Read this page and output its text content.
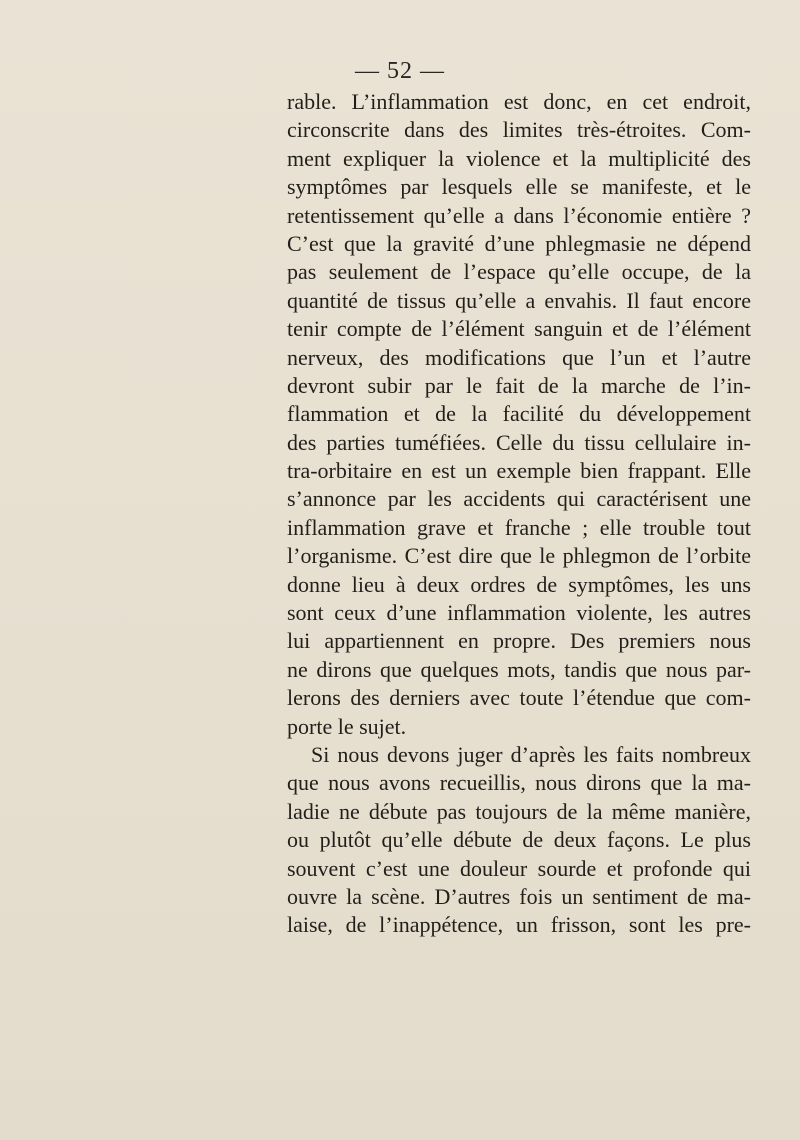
— 52 —
rable. L’inflammation est donc, en cet endroit,
circonscrite dans des limites très-étroites. Com-
ment expliquer la violence et la multiplicité des
symptômes par lesquels elle se manifeste, et le
retentissement qu’elle a dans l’économie entière ?
C’est que la gravité d’une phlegmasie ne dépend
pas seulement de l’espace qu’elle occupe, de la
quantité de tissus qu’elle a envahis. Il faut encore
tenir compte de l’élément sanguin et de l’élément
nerveux, des modifications que l’un et l’autre
devront subir par le fait de la marche de l’in-
flammation et de la facilité du développement
des parties tuméfiées. Celle du tissu cellulaire in-
tra-orbitaire en est un exemple bien frappant. Elle
s’annonce par les accidents qui caractérisent une
inflammation grave et franche ; elle trouble tout
l’organisme. C’est dire que le phlegmon de l’orbite
donne lieu à deux ordres de symptômes, les uns
sont ceux d’une inflammation violente, les autres
lui appartiennent en propre. Des premiers nous
ne dirons que quelques mots, tandis que nous par-
lerons des derniers avec toute l’étendue que com-
porte le sujet.
Si nous devons juger d’après les faits nombreux
que nous avons recueillis, nous dirons que la ma-
ladie ne débute pas toujours de la même manière,
ou plutôt qu’elle débute de deux façons. Le plus
souvent c’est une douleur sourde et profonde qui
ouvre la scène. D’autres fois un sentiment de ma-
laise, de l’inappétence, un frisson, sont les pre-
